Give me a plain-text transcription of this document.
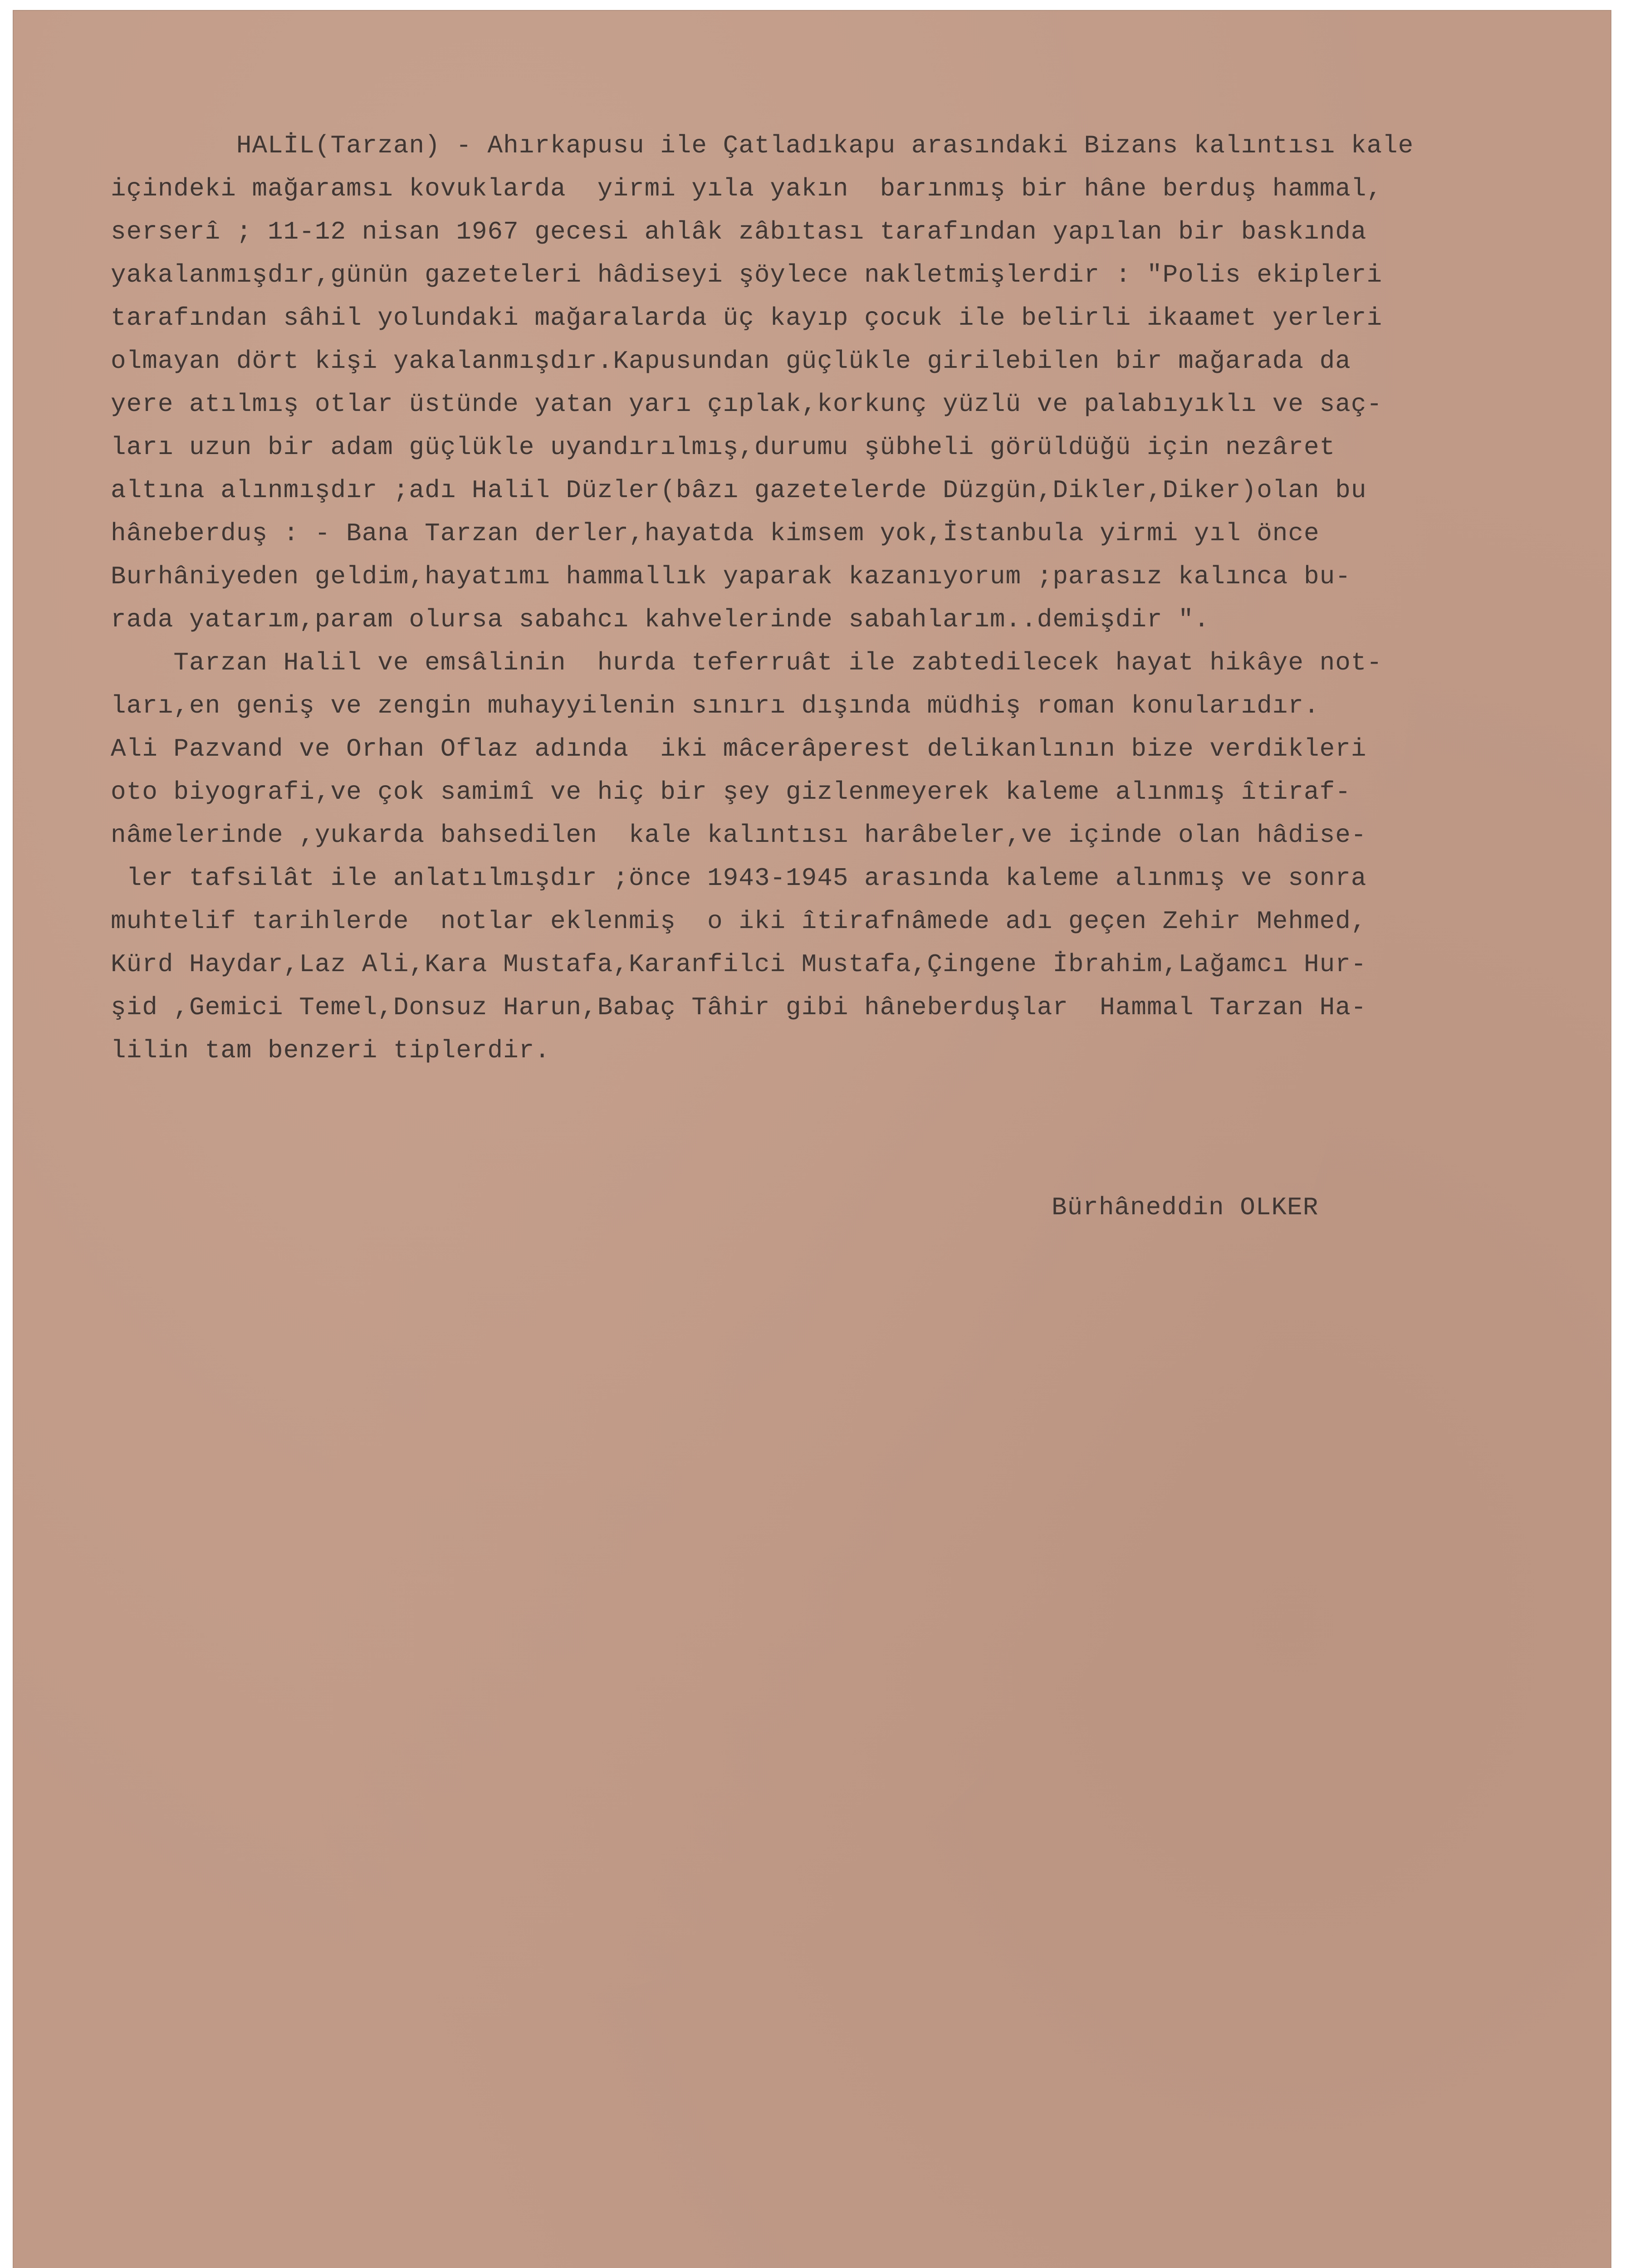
HALİL(Tarzan) - Ahırkapusu ile Çatladıkapu arasındaki Bizans kalıntısı kale
içindeki mağaramsı kovuklarda  yirmi yıla yakın  barınmış bir hâne berduş hammal,
serserî ; 11-12 nisan 1967 gecesi ahlâk zâbıtası tarafından yapılan bir baskında
yakalanmışdır,günün gazeteleri hâdiseyi şöylece nakletmişlerdir : "Polis ekipleri
tarafından sâhil yolundaki mağaralarda üç kayıp çocuk ile belirli ikaamet yerleri
olmayan dört kişi yakalanmışdır.Kapusundan güçlükle girilebilen bir mağarada da
yere atılmış otlar üstünde yatan yarı çıplak,korkunç yüzlü ve palabıyıklı ve saç-
ları uzun bir adam güçlükle uyandırılmış,durumu şübheli görüldüğü için nezâret
altına alınmışdır ;adı Halil Düzler(bâzı gazetelerde Düzgün,Dikler,Diker)olan bu
hâneberduş : - Bana Tarzan derler,hayatda kimsem yok,İstanbula yirmi yıl önce
Burhâniyeden geldim,hayatımı hammallık yaparak kazanıyorum ;parasız kalınca bu-
rada yatarım,param olursa sabahcı kahvelerinde sabahlarım..demişdir ".
Tarzan Halil ve emsâlinin  hurda teferruât ile zabtedilecek hayat hikâye not-
ları,en geniş ve zengin muhayyilenin sınırı dışında müdhiş roman konularıdır.
Ali Pazvand ve Orhan Oflaz adında  iki mâcerâperest delikanlının bize verdikleri
oto biyografi,ve çok samimî ve hiç bir şey gizlenmeyerek kaleme alınmış îtiraf-
nâmelerinde ,yukarda bahsedilen  kale kalıntısı harâbeler,ve içinde olan hâdise-
ler tafsilât ile anlatılmışdır ;önce 1943-1945 arasında kaleme alınmış ve sonra
muhtelif tarihlerde  notlar eklenmiş  o iki îtirafnâmede adı geçen Zehir Mehmed,
Kürd Haydar,Laz Ali,Kara Mustafa,Karanfilci Mustafa,Çingene İbrahim,Lağamcı Hur-
şid ,Gemici Temel,Donsuz Harun,Babaç Tâhir gibi hâneberduşlar  Hammal Tarzan Ha-
lilin tam benzeri tiplerdir.
Bürhâneddin OLKER
